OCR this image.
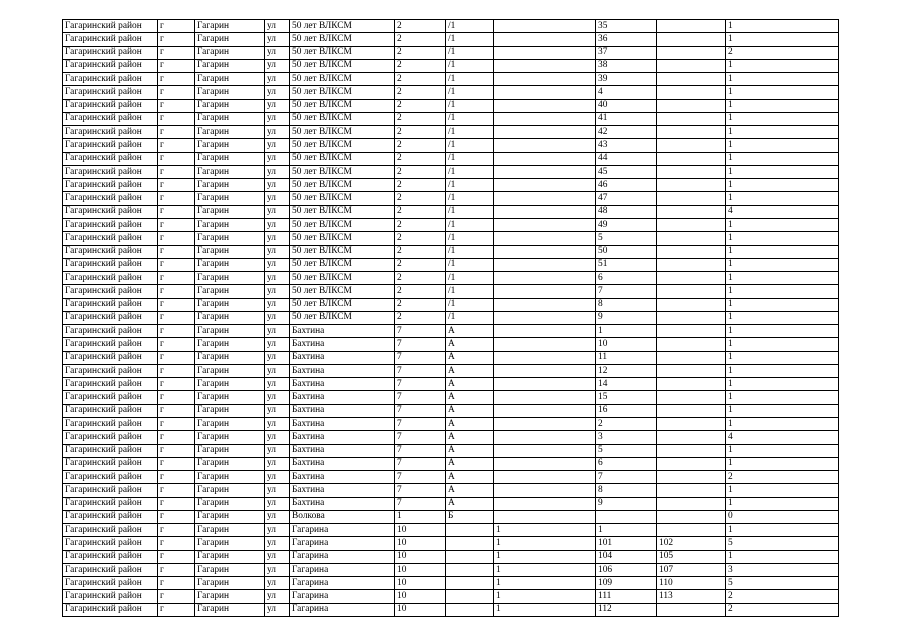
Гагаринский район	г	Гагарин	ул	50 лет ВЛКСМ	2	/1		35		1
Гагаринский район	г	Гагарин	ул	50 лет ВЛКСМ	2	/1		36		1
Гагаринский район	г	Гагарин	ул	50 лет ВЛКСМ	2	/1		37		2
Гагаринский район	г	Гагарин	ул	50 лет ВЛКСМ	2	/1		38		1
Гагаринский район	г	Гагарин	ул	50 лет ВЛКСМ	2	/1		39		1
Гагаринский район	г	Гагарин	ул	50 лет ВЛКСМ	2	/1		4		1
Гагаринский район	г	Гагарин	ул	50 лет ВЛКСМ	2	/1		40		1
Гагаринский район	г	Гагарин	ул	50 лет ВЛКСМ	2	/1		41		1
Гагаринский район	г	Гагарин	ул	50 лет ВЛКСМ	2	/1		42		1
Гагаринский район	г	Гагарин	ул	50 лет ВЛКСМ	2	/1		43		1
Гагаринский район	г	Гагарин	ул	50 лет ВЛКСМ	2	/1		44		1
Гагаринский район	г	Гагарин	ул	50 лет ВЛКСМ	2	/1		45		1
Гагаринский район	г	Гагарин	ул	50 лет ВЛКСМ	2	/1		46		1
Гагаринский район	г	Гагарин	ул	50 лет ВЛКСМ	2	/1		47		1
Гагаринский район	г	Гагарин	ул	50 лет ВЛКСМ	2	/1		48		4
Гагаринский район	г	Гагарин	ул	50 лет ВЛКСМ	2	/1		49		1
Гагаринский район	г	Гагарин	ул	50 лет ВЛКСМ	2	/1		5		1
Гагаринский район	г	Гагарин	ул	50 лет ВЛКСМ	2	/1		50		1
Гагаринский район	г	Гагарин	ул	50 лет ВЛКСМ	2	/1		51		1
Гагаринский район	г	Гагарин	ул	50 лет ВЛКСМ	2	/1		6		1
Гагаринский район	г	Гагарин	ул	50 лет ВЛКСМ	2	/1		7		1
Гагаринский район	г	Гагарин	ул	50 лет ВЛКСМ	2	/1		8		1
Гагаринский район	г	Гагарин	ул	50 лет ВЛКСМ	2	/1		9		1
Гагаринский район	г	Гагарин	ул	Бахтина	7	А		1		1
Гагаринский район	г	Гагарин	ул	Бахтина	7	А		10		1
Гагаринский район	г	Гагарин	ул	Бахтина	7	А		11		1
Гагаринский район	г	Гагарин	ул	Бахтина	7	А		12		1
Гагаринский район	г	Гагарин	ул	Бахтина	7	А		14		1
Гагаринский район	г	Гагарин	ул	Бахтина	7	А		15		1
Гагаринский район	г	Гагарин	ул	Бахтина	7	А		16		1
Гагаринский район	г	Гагарин	ул	Бахтина	7	А		2		1
Гагаринский район	г	Гагарин	ул	Бахтина	7	А		3		4
Гагаринский район	г	Гагарин	ул	Бахтина	7	А		5		1
Гагаринский район	г	Гагарин	ул	Бахтина	7	А		6		1
Гагаринский район	г	Гагарин	ул	Бахтина	7	А		7		2
Гагаринский район	г	Гагарин	ул	Бахтина	7	А		8		1
Гагаринский район	г	Гагарин	ул	Бахтина	7	А		9		1
Гагаринский район	г	Гагарин	ул	Волкова	1	Б				0
Гагаринский район	г	Гагарин	ул	Гагарина	10		1	1		1
Гагаринский район	г	Гагарин	ул	Гагарина	10		1	101	102	5
Гагаринский район	г	Гагарин	ул	Гагарина	10		1	104	105	1
Гагаринский район	г	Гагарин	ул	Гагарина	10		1	106	107	3
Гагаринский район	г	Гагарин	ул	Гагарина	10		1	109	110	5
Гагаринский район	г	Гагарин	ул	Гагарина	10		1	111	113	2
Гагаринский район	г	Гагарин	ул	Гагарина	10		1	112		2
